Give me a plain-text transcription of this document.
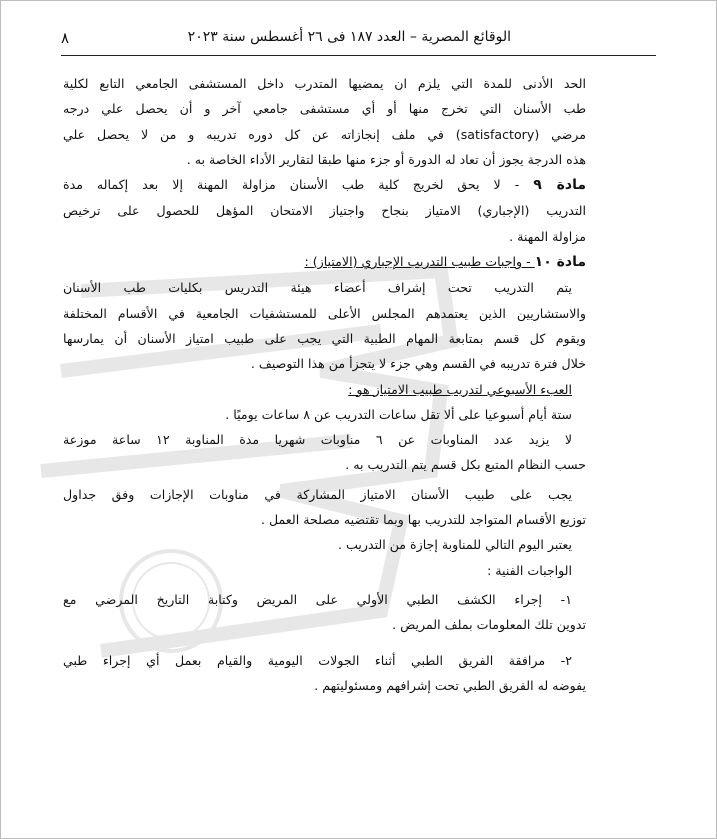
الوقائع المصرية – العدد ١٨٧ فى ٢٦ أغسطس سنة ٢٠٢٣
٨

الحد الأدنى للمدة التي يلزم ان يمضيها المتدرب داخل المستشفى الجامعي التابع لكلية

طب الأسنان التي تخرج منها أو أي مستشفى جامعي آخر و أن يحصل علي درجه

مرضي (satisfactory) في ملف إنجازاته عن كل دوره تدريبه و من لا يحصل علي

هذه الدرجة يجوز أن تعاد له الدورة أو جزء منها طبقا لتقارير الأداء الخاصة به .

مادة ٩ - لا يحق لخريج كلية طب الأسنان مزاولة المهنة إلا بعد إكماله مدة

التدريب (الإجباري) الامتياز بنجاح واجتياز الامتحان المؤهل للحصول على ترخيص

مزاولة المهنة .

مادة ١٠ - واجبات طبيب التدريب الإجباري (الامتياز) :

يتم التدريب تحت إشراف أعضاء هيئة التدريس بكليات طب الأسنان

والاستشاريين الذين يعتمدهم المجلس الأعلى للمستشفيات الجامعية في الأقسام المختلفة

ويقوم كل قسم بمتابعة المهام الطبية التي يجب على طبيب امتياز الأسنان أن يمارسها

خلال فترة تدريبه في القسم وهي جزء لا يتجزأ من هذا التوصيف .

العبء الأسبوعي لتدريب طبيب الامتياز هو :

ستة أيام أسبوعيا على ألا تقل ساعات التدريب عن ٨ ساعات يوميًا .

لا يزيد عدد المناوبات عن ٦ مناوبات شهريا مدة المناوبة ١٢ ساعة موزعة

حسب النظام المتبع بكل قسم يتم التدريب به .

يجب على طبيب الأسنان الامتياز المشاركة في مناوبات الإجازات وفق جداول

توزيع الأقسام المتواجد للتدريب بها وبما تقتضيه مصلحة العمل .

يعتبر اليوم التالي للمناوبة إجازة من التدريب .

الواجبات الفنية :

١- إجراء الكشف الطبي الأولي على المريض وكتابة التاريخ المرضي مع

تدوين تلك المعلومات بملف المريض .

٢- مرافقة الفريق الطبي أثناء الجولات اليومية والقيام بعمل أي إجراء طبي

يفوضه له الفريق الطبي تحت إشرافهم ومسئوليتهم .
